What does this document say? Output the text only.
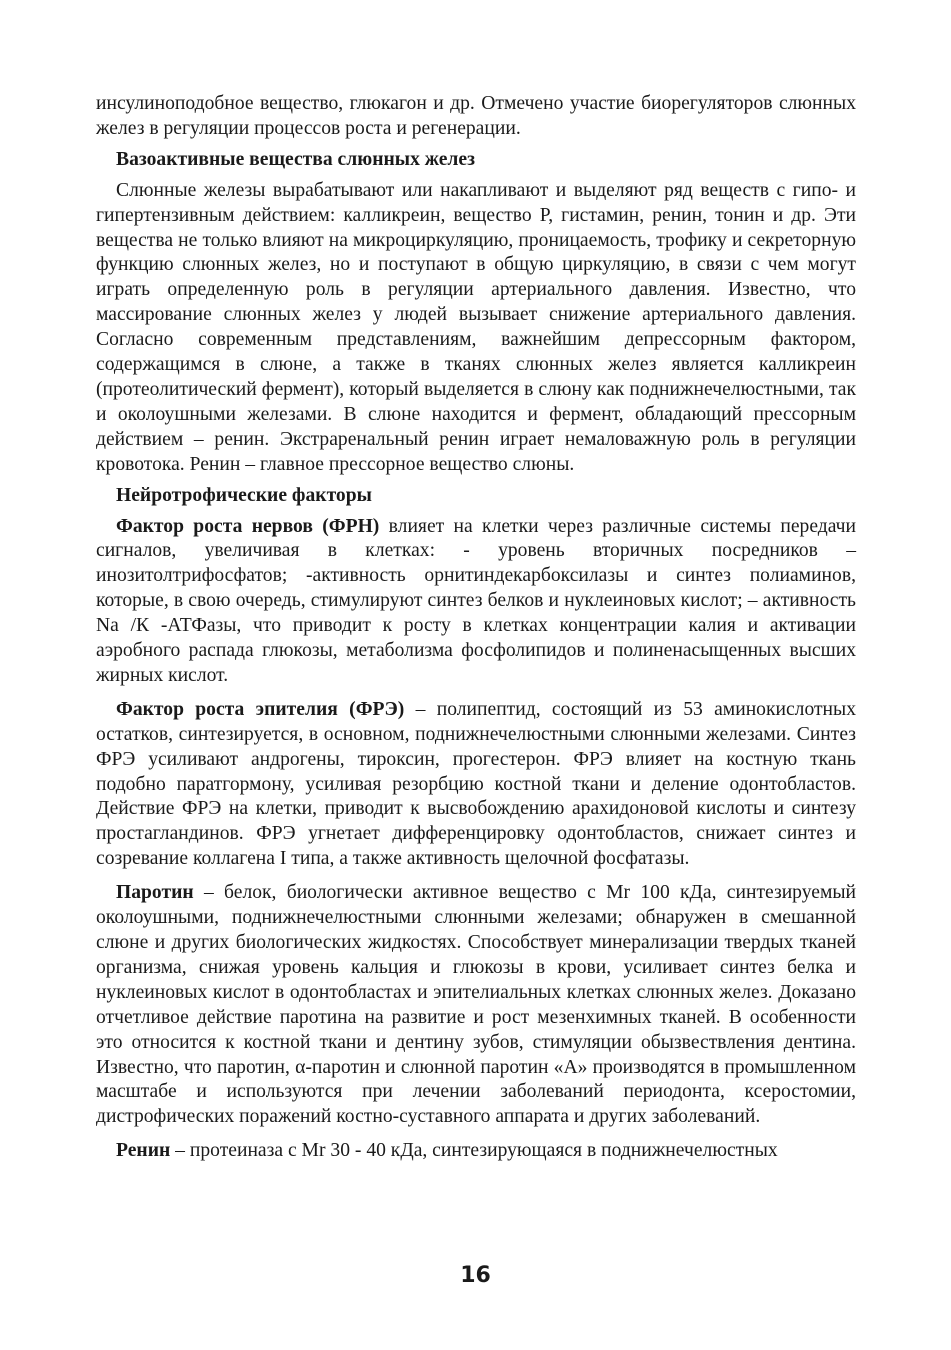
инсулиноподобное вещество, глюкагон и др. Отмечено участие биорегуляторов слюнных желез в регуляции процессов роста и регенерации.

Вазоактивные вещества слюнных желез

Слюнные железы вырабатывают или накапливают и выделяют ряд веществ с гипо- и гипертензивным действием: калликреин, вещество Р, гистамин, ренин, тонин и др. Эти вещества не только влияют на микроциркуляцию, проницаемость, трофику и секреторную функцию слюнных желез, но и поступают в общую циркуляцию, в связи с чем могут играть определенную роль в регуляции артериального давления. Известно, что массирование слюнных желез у людей вызывает снижение артериального давления. Согласно современным представлениям, важнейшим депрессорным фактором, содержащимся в слюне, а также в тканях слюнных желез является калликреин (протеолитический фермент), который выделяется в слюну как поднижнечелюстными, так и околоушными железами. В слюне находится и фермент, обладающий прессорным действием – ренин. Экстраренальный ренин играет немаловажную роль в регуляции кровотока. Ренин – главное прессорное вещество слюны.

Нейротрофические факторы

Фактор роста нервов (ФРН) влияет на клетки через различные системы передачи сигналов, увеличивая в клетках: - уровень вторичных посредников – инозитолтрифосфатов; -активность орнитиндекарбоксилазы и синтез полиаминов, которые, в свою очередь, стимулируют синтез белков и нуклеиновых кислот; – активность Na /К -АТФазы, что приводит к росту в клетках концентрации калия и активации аэробного распада глюкозы, метаболизма фосфолипидов и полиненасыщенных высших жирных кислот.

Фактор роста эпителия (ФРЭ) – полипептид, состоящий из 53 аминокислотных остатков, синтезируется, в основном, поднижнечелюстными слюнными железами. Синтез ФРЭ усиливают андрогены, тироксин, прогестерон. ФРЭ влияет на костную ткань подобно паратгормону, усиливая резорбцию костной ткани и деление одонтобластов. Действие ФРЭ на клетки, приводит к высвобождению арахидоновой кислоты и синтезу простагландинов. ФРЭ угнетает дифференцировку одонтобластов, снижает синтез и созревание коллагена I типа, а также активность щелочной фосфатазы.

Паротин – белок, биологически активное вещество с Mr 100 кДа, синтезируемый околоушными, поднижнечелюстными слюнными железами; обнаружен в смешанной слюне и других биологических жидкостях. Способствует минерализации твердых тканей организма, снижая уровень кальция и глюкозы в крови, усиливает синтез белка и нуклеиновых кислот в одонтобластах и эпителиальных клетках слюнных желез. Доказано отчетливое действие паротина на развитие и рост мезенхимных тканей. В особенности это относится к костной ткани и дентину зубов, стимуляции обызвествления дентина. Известно, что паротин, α-паротин и слюнной паротин «А» производятся в промышленном масштабе и используются при лечении заболеваний периодонта, ксеростомии, дистрофических поражений костно-суставного аппарата и других заболеваний.

Ренин – протеиназа с Mr 30 - 40 кДа, синтезирующаяся в поднижнечелюстных

16
